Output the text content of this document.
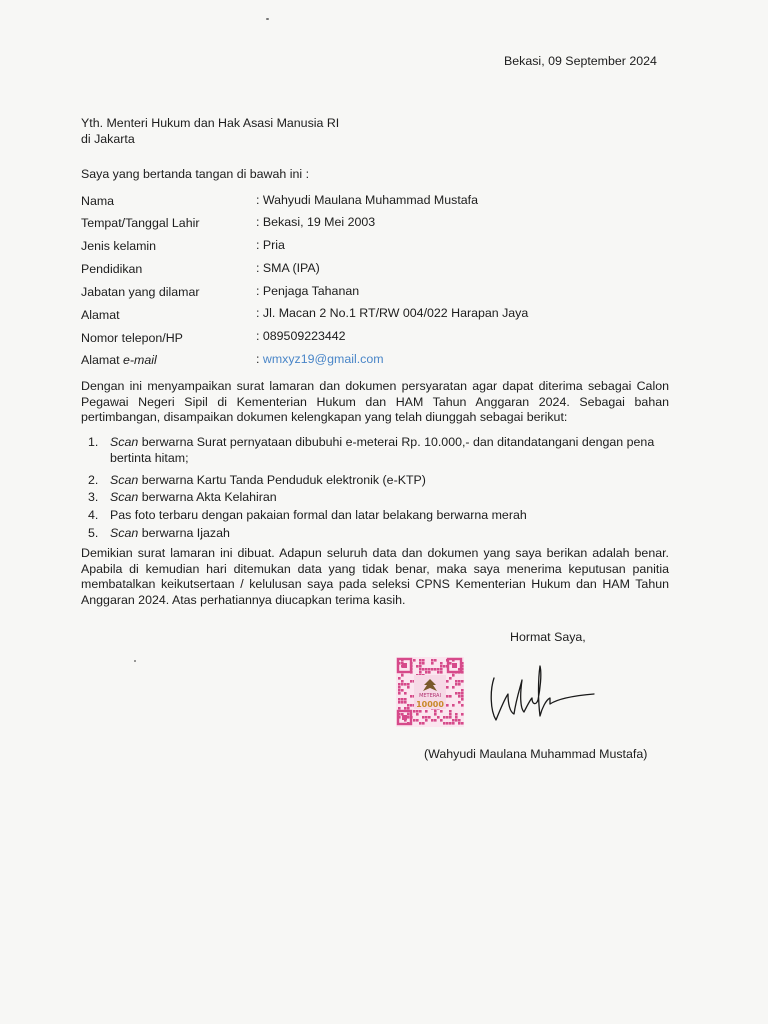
Bekasi, 09 September 2024
Yth. Menteri Hukum dan Hak Asasi Manusia RI
di Jakarta
Saya yang bertanda tangan di bawah ini :
Nama	: Wahyudi Maulana Muhammad Mustafa
Tempat/Tanggal Lahir	: Bekasi, 19 Mei 2003
Jenis kelamin	: Pria
Pendidikan	: SMA (IPA)
Jabatan yang dilamar	: Penjaga Tahanan
Alamat	: Jl. Macan 2 No.1 RT/RW 004/022 Harapan Jaya
Nomor telepon/HP	: 089509223442
Alamat e-mail	: wmxyz19@gmail.com
Dengan ini menyampaikan surat lamaran dan dokumen persyaratan agar dapat diterima sebagai Calon Pegawai Negeri Sipil di Kementerian Hukum dan HAM Tahun Anggaran 2024. Sebagai bahan pertimbangan, disampaikan dokumen kelengkapan yang telah diunggah sebagai berikut:
1. Scan berwarna Surat pernyataan dibubuhi e-meterai Rp. 10.000,- dan ditandatangani dengan pena bertinta hitam;
2. Scan berwarna Kartu Tanda Penduduk elektronik (e-KTP)
3. Scan berwarna Akta Kelahiran
4. Pas foto terbaru dengan pakaian formal dan latar belakang berwarna merah
5. Scan berwarna Ijazah
Demikian surat lamaran ini dibuat. Adapun seluruh data dan dokumen yang saya berikan adalah benar. Apabila di kemudian hari ditemukan data yang tidak benar, maka saya menerima keputusan panitia membatalkan keikutsertaan / kelulusan saya pada seleksi CPNS Kementerian Hukum dan HAM Tahun Anggaran 2024. Atas perhatiannya diucapkan terima kasih.
Hormat Saya,
METERAI
10000
(Wahyudi Maulana Muhammad Mustafa)
